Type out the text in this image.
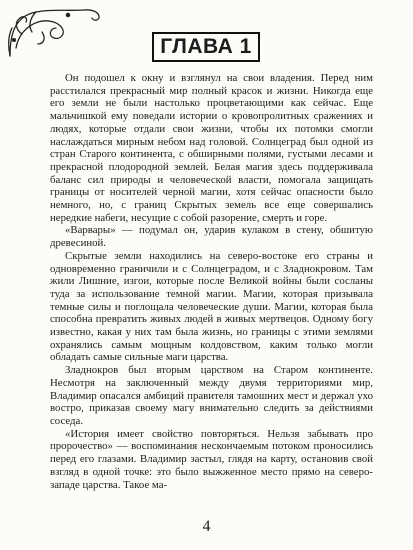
ГЛАВА 1

Он подошел к окну и взглянул на свои владения. Перед ним расстилался прекрасный мир полный красок и жизни. Никогда еще его земли не были настолько процветающими как сейчас. Еще мальчишкой ему поведали истории о кровопролитных сражениях и людях, которые отдали свои жизни, чтобы их потомки смогли наслаждаться мирным небом над головой. Солнцеград был одной из стран Старого континента, с обширными полями, густыми лесами и прекрасной плодородной землей. Белая магия здесь поддерживала баланс сил природы и человеческой власти, помогала защищать границы от носителей черной магии, хотя сейчас опасности было немного, но, с границ Скрытых земель все еще совершались нередкие набеги, несущие с собой разорение, смерть и горе.

«Варвары» — подумал он, ударив кулаком в стену, обшитую древесиной.

Скрытые земли находились на северо-востоке его страны и одновременно граничили и с Солнцеградом, и с Зладнокровом. Там жили Лишние, изгои, которые после Великой войны были сосланы туда за использование темной магии. Магии, которая призывала темные силы и поглощала человеческие души. Магии, которая была способна превратить живых людей в живых мертвецов. Одному богу известно, какая у них там была жизнь, но границы с этими землями охранялись самым мощным колдовством, каким только могли обладать самые сильные маги царства.

Зладнокров был вторым царством на Старом континенте. Несмотря на заключенный между двумя территориями мир, Владимир опасался амбиций правителя тамошних мест и держал ухо востро, приказав своему магу внимательно следить за действиями соседа.

«История имеет свойство повторяться. Нельзя забывать про пророчество» — воспоминания нескончаемым потоком проносились перед его глазами. Владимир застыл, глядя на карту, остановив свой взгляд в одной точке: это было выжженное место прямо на северо-западе царства. Такое ма-

4
